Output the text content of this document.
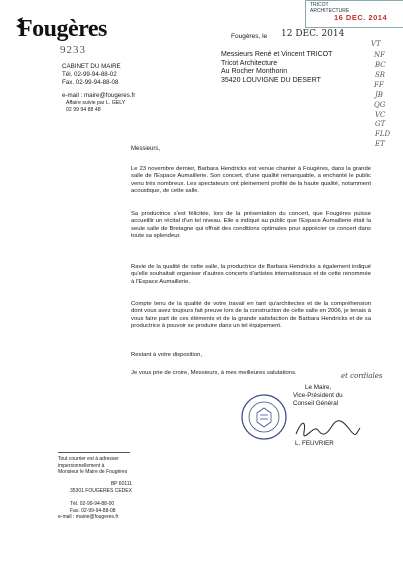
Fougères
9233
CABINET DU MAIRE
Tél. 02-99-94-88-02
Fax. 02-99-94-88-08
e-mail : maire@fougeres.fr
Affaire suivie par L. GELY
02 99 94 88 48
TRICOT
ARCHITECTURE
16 DEC. 2014
Fougères, le 12 DEC. 2014
Messieurs René et Vincent TRICOT
Tricot Architecture
Au Rocher Monthorin
35420 LOUVIGNE DU DESERT
VT
NF
BC
SR
FF
JB
QG
VC
GT
FLD
ET
Messieurs,
Le 23 novembre dernier, Barbara Hendricks est venue chanter à Fougères, dans la grande salle de l'Espace Aumaillerie. Son concert, d'une qualité remarquable, a enchanté le public venu très nombreux. Les spectateurs ont pleinement profité de la haute qualité, notamment acoustique, de cette salle.
Sa productrice s'est félicitée, lors de la présentation du concert, que Fougères puisse accueillir un récital d'un tel niveau. Elle a indiqué au public que l'Espace Aumaillerie était la seule salle de Bretagne qui offrait des conditions optimales pour apprécier ce concert dans toute sa splendeur.
Ravie de la qualité de cette salle, la productrice de Barbara Hendricks a également indiqué qu'elle souhaitait organiser d'autres concerts d'artistes internationaux et de cette renommée à l'Espace Aumaillerie.
Compte tenu de la qualité de votre travail en tant qu'architectes et de la compréhension dont vous avez toujours fait preuve lors de la construction de cette salle en 2006, je tenais à vous faire part de ces éléments et de la grande satisfaction de Barbara Hendricks et de sa productrice à pouvoir se produire dans un tel équipement.
Restant à votre disposition,
Je vous prie de croire, Messieurs, à mes meilleures salutations.	et cordiales
Le Maire,
Vice-Président du
Conseil Général
L. FEUVRIER
Tout courrier est à adresser
impersonnellement à
Monsieur le Maire de Fougères
BP 60111
35301 FOUGERES CEDEX
Tél. 02-99-94-88-00
Fax. 02-99-94-88-08
e-mail : mairie@fougeres.fr
